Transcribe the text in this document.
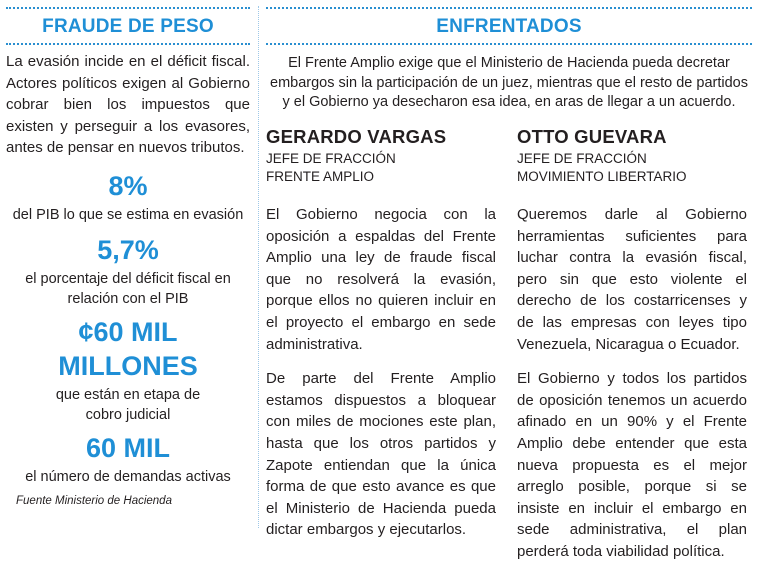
FRAUDE DE PESO

La evasión incide en el déficit fiscal. Actores políticos exigen al Gobierno cobrar bien los impuestos que existen y perseguir a los evasores, antes de pensar en nuevos tributos.

8%

del PIB lo que se estima en evasión

5,7%

el porcentaje del déficit fiscal en relación con el PIB

¢60 MIL MILLONES

que están en etapa de cobro judicial

60 MIL

el número de demandas activas

Fuente Ministerio de Hacienda

ENFRENTADOS

El Frente Amplio exige que el Ministerio de Hacienda pueda decretar embargos sin la participación de un juez, mientras que el resto de partidos y el Gobierno ya desecharon esa idea, en aras de llegar a un acuerdo.

GERARDO VARGAS

JEFE DE FRACCIÓN

FRENTE AMPLIO

El Gobierno negocia con la oposición a espaldas del Frente Amplio una ley de fraude fiscal que no resolverá la evasión, porque ellos no quieren incluir en el proyecto el embargo en sede administrativa.

De parte del Frente Amplio estamos dispuestos a bloquear con miles de mociones este plan, hasta que los otros partidos y Zapote entiendan que la única forma de que esto avance es que el Ministerio de Hacienda pueda dictar embargos y ejecutarlos.

OTTO GUEVARA

JEFE DE FRACCIÓN

MOVIMIENTO LIBERTARIO

Queremos darle al Gobierno herramientas suficientes para luchar contra la evasión fiscal, pero sin que esto violente el derecho de los costarricenses y de las empresas con leyes tipo Venezuela, Nicaragua o Ecuador.

El Gobierno y todos los partidos de oposición tenemos un acuerdo afinado en un 90% y el Frente Amplio debe entender que esta nueva propuesta es el mejor arreglo posible, porque si se insiste en incluir el embargo en sede administrativa, el plan perderá toda viabilidad política.
